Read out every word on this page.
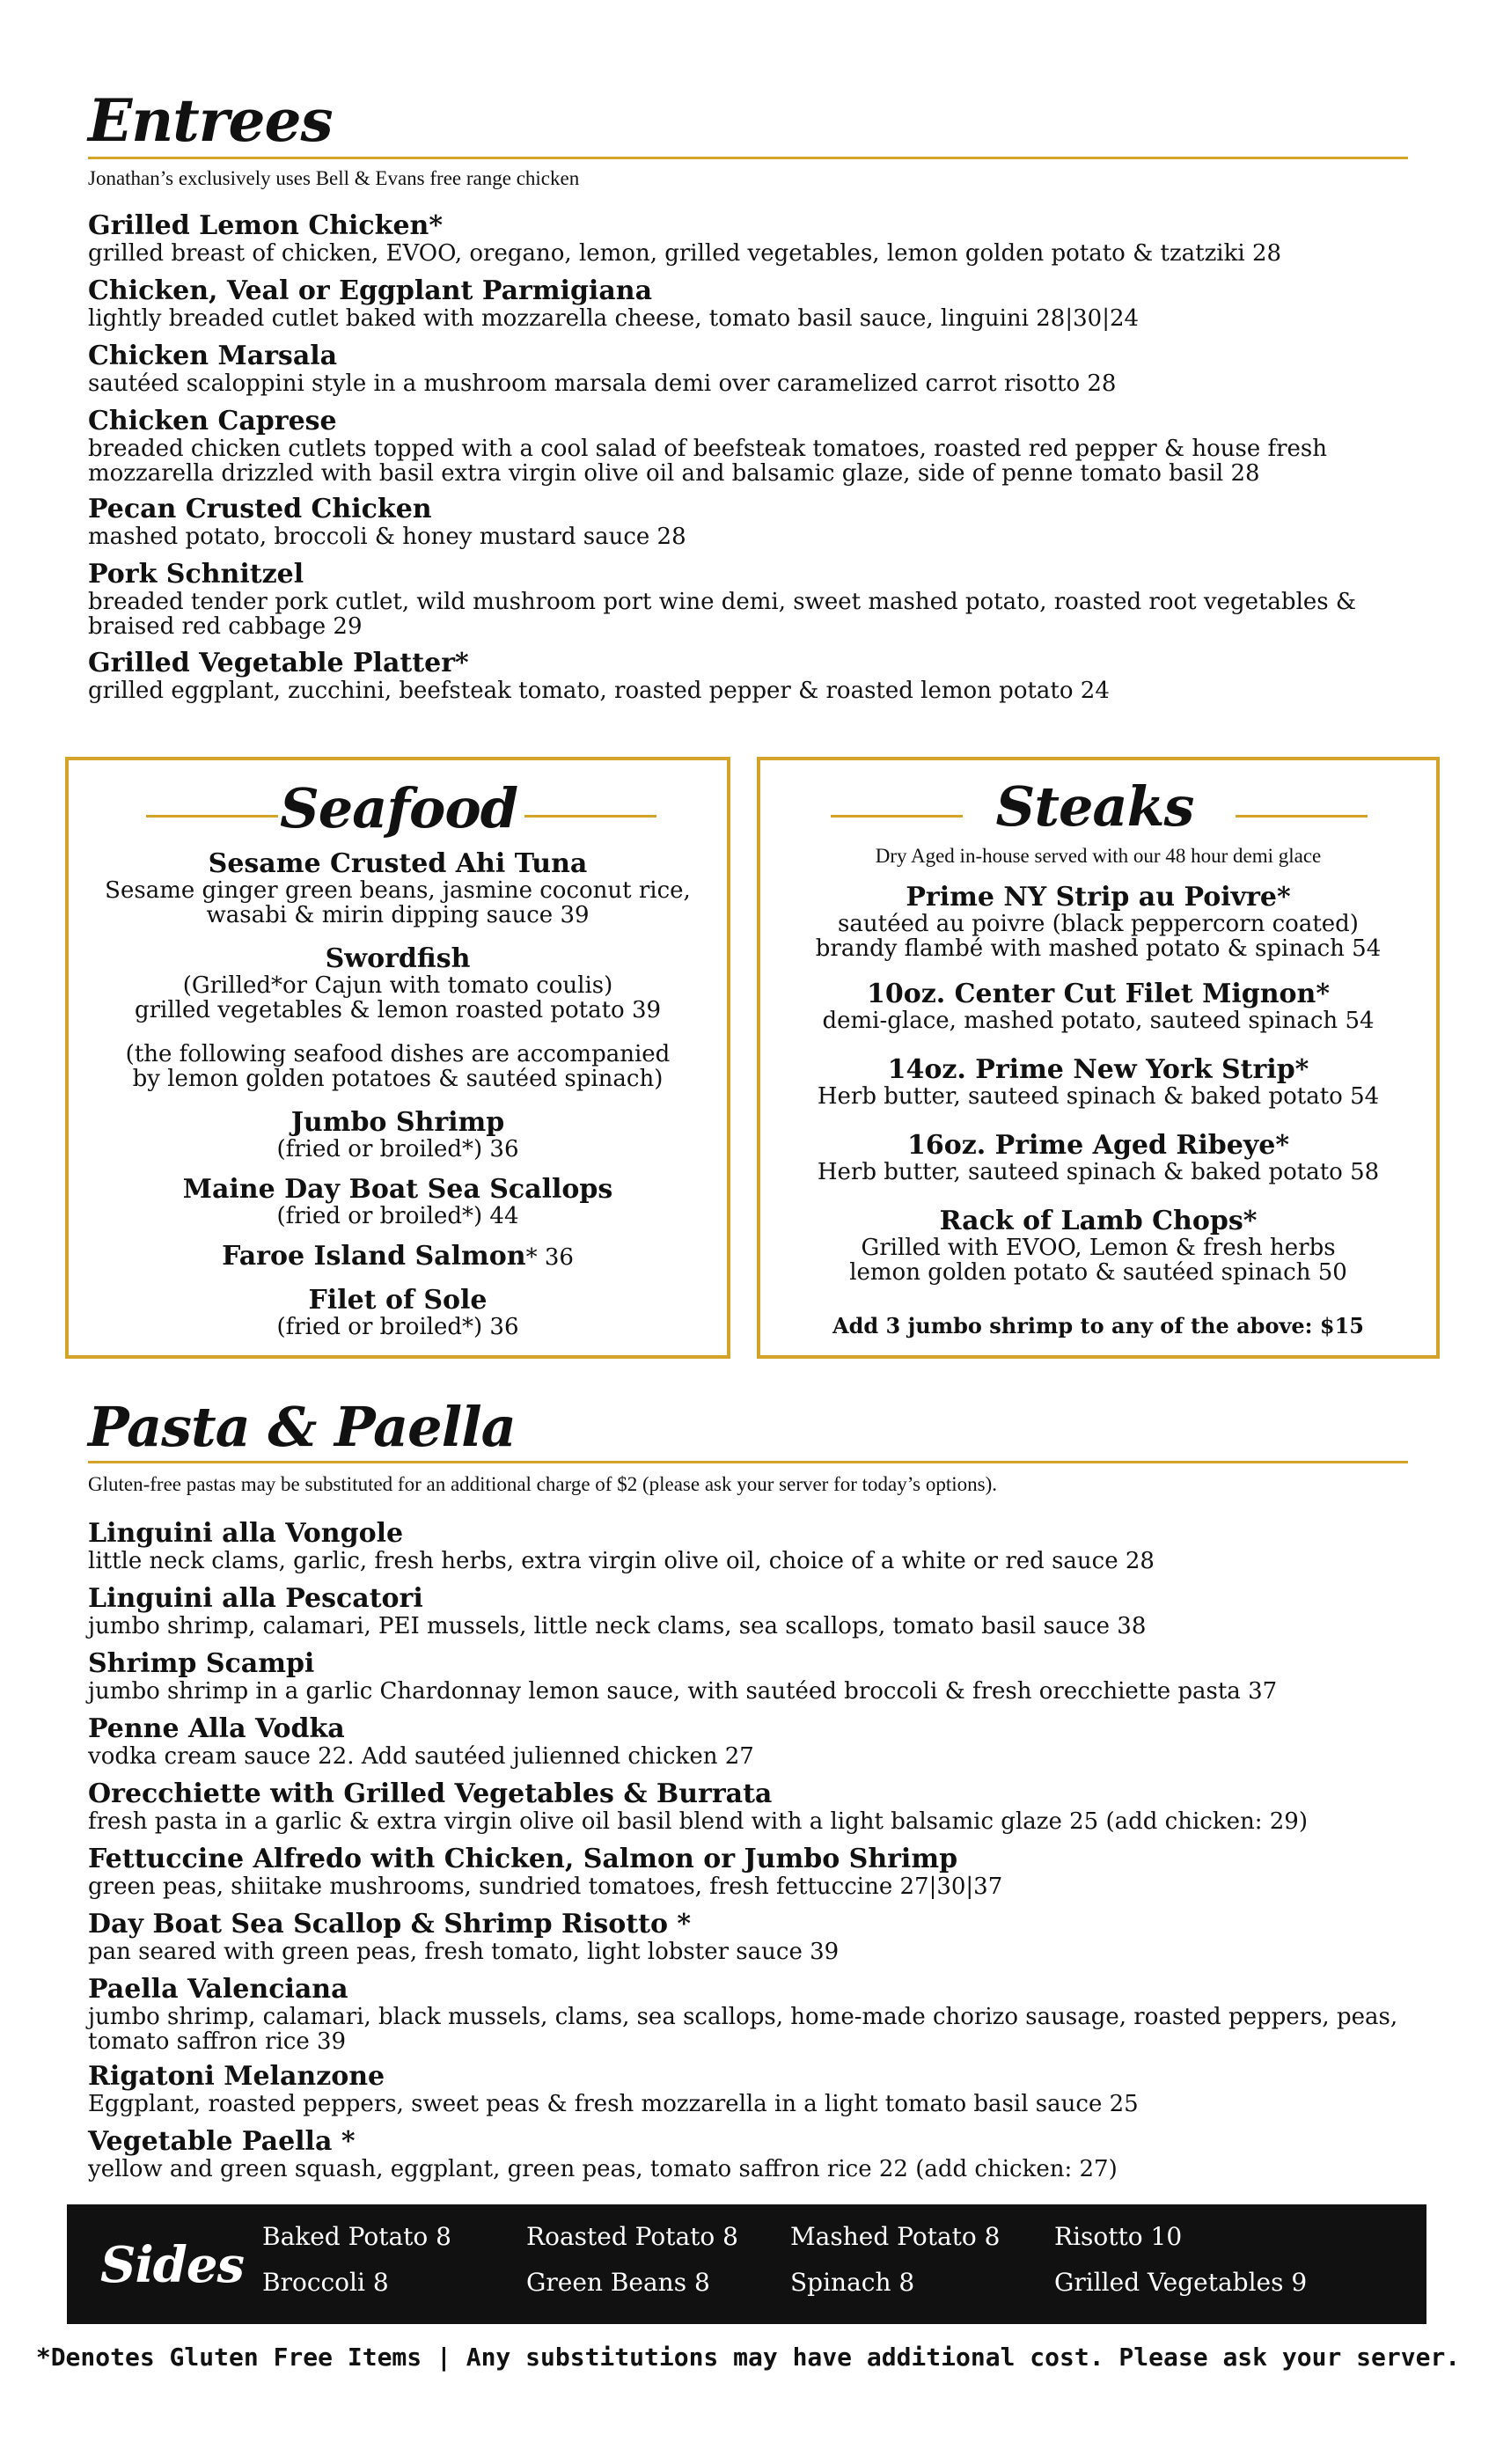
Entrees
Jonathan’s exclusively uses Bell & Evans free range chicken
Grilled Lemon Chicken*
grilled breast of chicken, EVOO, oregano, lemon, grilled vegetables, lemon golden potato & tzatziki 28
Chicken, Veal or Eggplant Parmigiana
lightly breaded cutlet baked with mozzarella cheese, tomato basil sauce, linguini 28|30|24
Chicken Marsala
sautéed scaloppini style in a mushroom marsala demi over caramelized carrot risotto 28
Chicken Caprese
breaded chicken cutlets topped with a cool salad of beefsteak tomatoes, roasted red pepper & house fresh mozzarella drizzled with basil extra virgin olive oil and balsamic glaze, side of penne tomato basil 28
Pecan Crusted Chicken
mashed potato, broccoli & honey mustard sauce 28
Pork Schnitzel
breaded tender pork cutlet, wild mushroom port wine demi, sweet mashed potato, roasted root vegetables & braised red cabbage 29
Grilled Vegetable Platter*
grilled eggplant, zucchini, beefsteak tomato, roasted pepper & roasted lemon potato 24
Seafood
Sesame Crusted Ahi Tuna
Sesame ginger green beans, jasmine coconut rice,
wasabi & mirin dipping sauce 39
Swordfish
(Grilled*or Cajun with tomato coulis)
grilled vegetables & lemon roasted potato 39
(the following seafood dishes are accompanied
by lemon golden potatoes & sautéed spinach)
Jumbo Shrimp
(fried or broiled*) 36
Maine Day Boat Sea Scallops
(fried or broiled*) 44
Faroe Island Salmon* 36
Filet of Sole
(fried or broiled*) 36
Steaks
Dry Aged in-house served with our 48 hour demi glace
Prime NY Strip au Poivre*
sautéed au poivre (black peppercorn coated)
brandy flambé with mashed potato & spinach 54
10oz. Center Cut Filet Mignon*
demi-glace, mashed potato, sauteed spinach 54
14oz. Prime New York Strip*
Herb butter, sauteed spinach & baked potato 54
16oz. Prime Aged Ribeye*
Herb butter, sauteed spinach & baked potato 58
Rack of Lamb Chops*
Grilled with EVOO, Lemon & fresh herbs
lemon golden potato & sautéed spinach 50
Add 3 jumbo shrimp to any of the above: $15
Pasta & Paella
Gluten-free pastas may be substituted for an additional charge of $2 (please ask your server for today’s options).
Linguini alla Vongole
little neck clams, garlic, fresh herbs, extra virgin olive oil, choice of a white or red sauce 28
Linguini alla Pescatori
jumbo shrimp, calamari, PEI mussels, little neck clams, sea scallops, tomato basil sauce 38
Shrimp Scampi
jumbo shrimp in a garlic Chardonnay lemon sauce, with sautéed broccoli & fresh orecchiette pasta 37
Penne Alla Vodka
vodka cream sauce 22. Add sautéed julienned chicken 27
Orecchiette with Grilled Vegetables & Burrata
fresh pasta in a garlic & extra virgin olive oil basil blend with a light balsamic glaze 25 (add chicken: 29)
Fettuccine Alfredo with Chicken, Salmon or Jumbo Shrimp
green peas, shiitake mushrooms, sundried tomatoes, fresh fettuccine 27|30|37
Day Boat Sea Scallop & Shrimp Risotto *
pan seared with green peas, fresh tomato, light lobster sauce 39
Paella Valenciana
jumbo shrimp, calamari, black mussels, clams, sea scallops, home-made chorizo sausage, roasted peppers, peas, tomato saffron rice 39
Rigatoni Melanzone
Eggplant, roasted peppers, sweet peas & fresh mozzarella in a light tomato basil sauce 25
Vegetable Paella *
yellow and green squash, eggplant, green peas, tomato saffron rice 22 (add chicken: 27)
Sides Baked Potato 8	Roasted Potato 8 Mashed Potato 8 Risotto 10
Broccoli 8	Green Beans 8	Spinach 8	Grilled Vegetables 9
*Denotes Gluten Free Items | Any substitutions may have additional cost. Please ask your server.
